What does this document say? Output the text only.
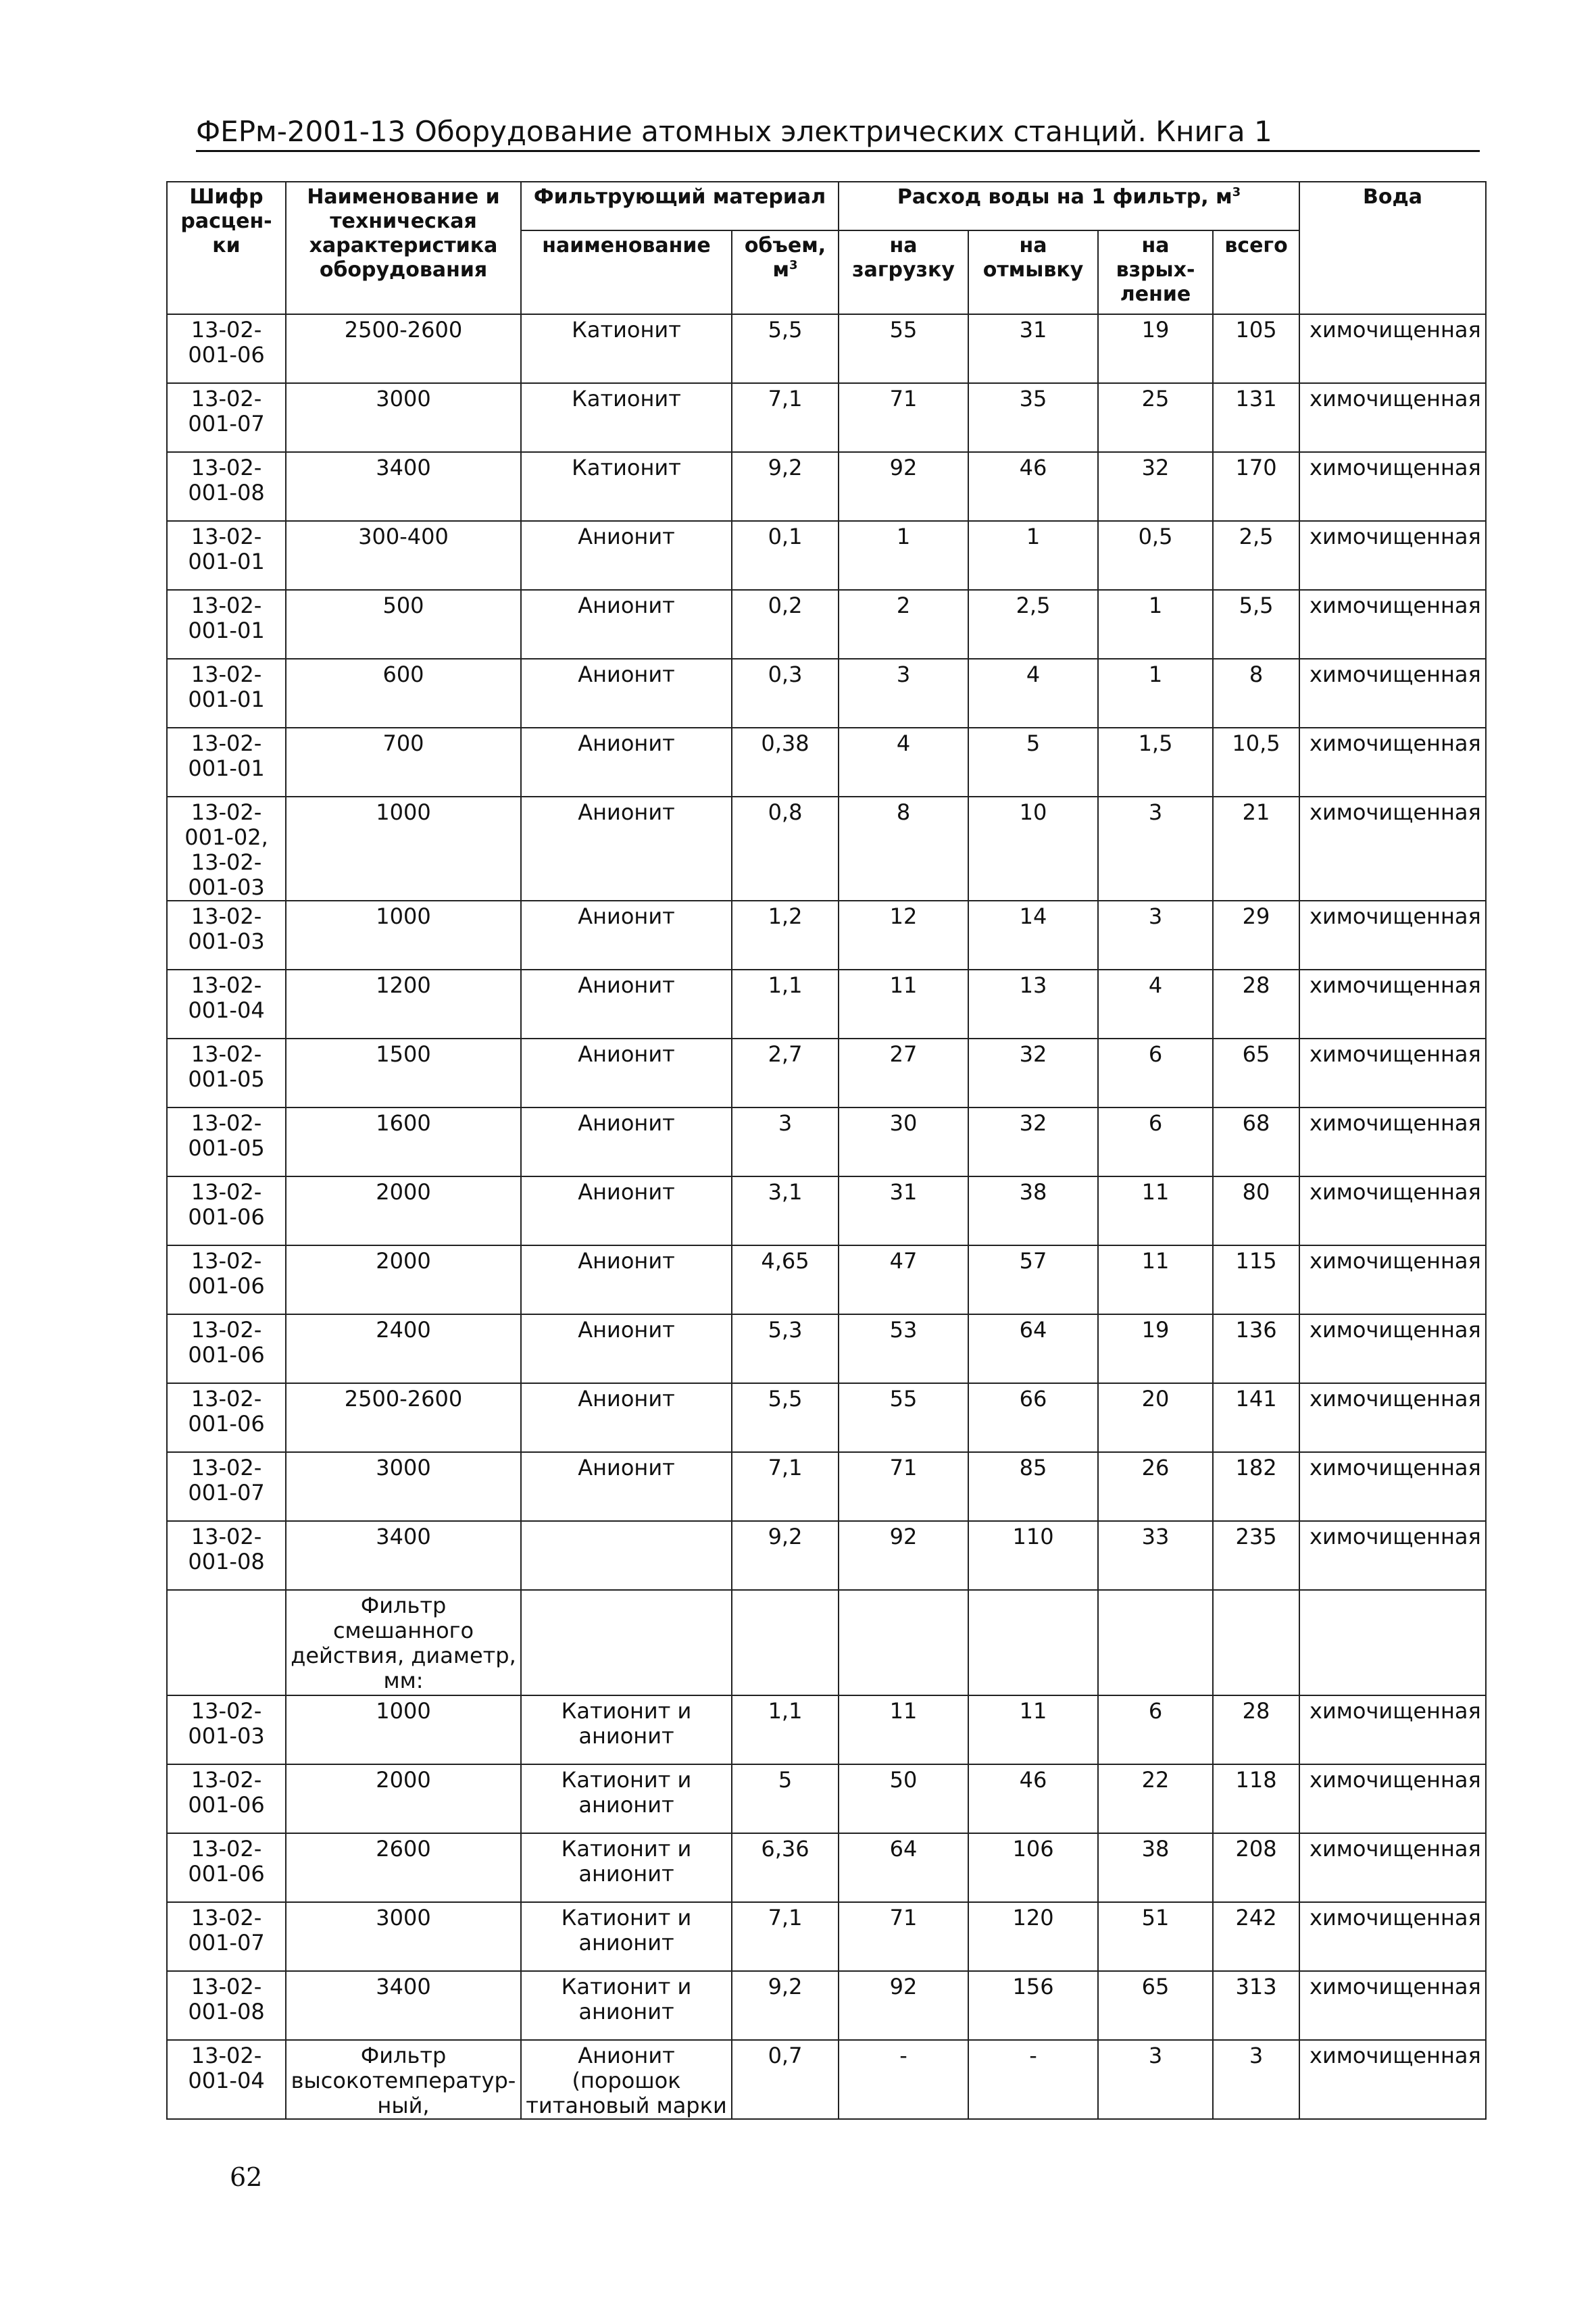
ФЕРм-2001-13 Оборудование атомных электрических станций. Книга 1
Шифр расцен-ки	Наименование и техническая характеристика оборудования	Фильтрующий материал		Расход воды на 1 фильтр, $м^3$				Вода
		наименование	объем, $м^3$	на загрузку	на отмывку	на взрых-ление	всего	
13-02-001-06	2500-2600	Катионит	5,5	55	31	19	105	химочищенная
13-02-001-07	3000	Катионит	7,1	71	35	25	131	химочищенная
13-02-001-08	3400	Катионит	9,2	92	46	32	170	химочищенная
13-02-001-01	300-400	Анионит	0,1	1	1	0,5	2,5	химочищенная
13-02-001-01	500	Анионит	0,2	2	2,5	1	5,5	химочищенная
13-02-001-01	600	Анионит	0,3	3	4	1	8	химочищенная
13-02-001-01	700	Анионит	0,38	4	5	1,5	10,5	химочищенная
13-02-001-02, 13-02-001-03	1000	Анионит	0,8	8	10	3	21	химочищенная
13-02-001-03	1000	Анионит	1,2	12	14	3	29	химочищенная
13-02-001-04	1200	Анионит	1,1	11	13	4	28	химочищенная
13-02-001-05	1500	Анионит	2,7	27	32	6	65	химочищенная
13-02-001-05	1600	Анионит	3	30	32	6	68	химочищенная
13-02-001-06	2000	Анионит	3,1	31	38	11	80	химочищенная
13-02-001-06	2000	Анионит	4,65	47	57	11	115	химочищенная
13-02-001-06	2400	Анионит	5,3	53	64	19	136	химочищенная
13-02-001-06	2500-2600	Анионит	5,5	55	66	20	141	химочищенная
13-02-001-07	3000	Анионит	7,1	71	85	26	182	химочищенная
13-02-001-08	3400		9,2	92	110	33	235	химочищенная
	Фильтр смешанного действия, диаметр, мм:							
13-02-001-03	1000	Катионит и анионит	1,1	11	11	6	28	химочищенная
13-02-001-06	2000	Катионит и анионит	5	50	46	22	118	химочищенная
13-02-001-06	2600	Катионит и анионит	6,36	64	106	38	208	химочищенная
13-02-001-07	3000	Катионит и анионит	7,1	71	120	51	242	химочищенная
13-02-001-08	3400	Катионит и анионит	9,2	92	156	65	313	химочищенная
13-02-001-04	Фильтр высокотемператур-ный,	Анионит (порошок титановый марки	0,7	-	-	3	3	химочищенная
62
